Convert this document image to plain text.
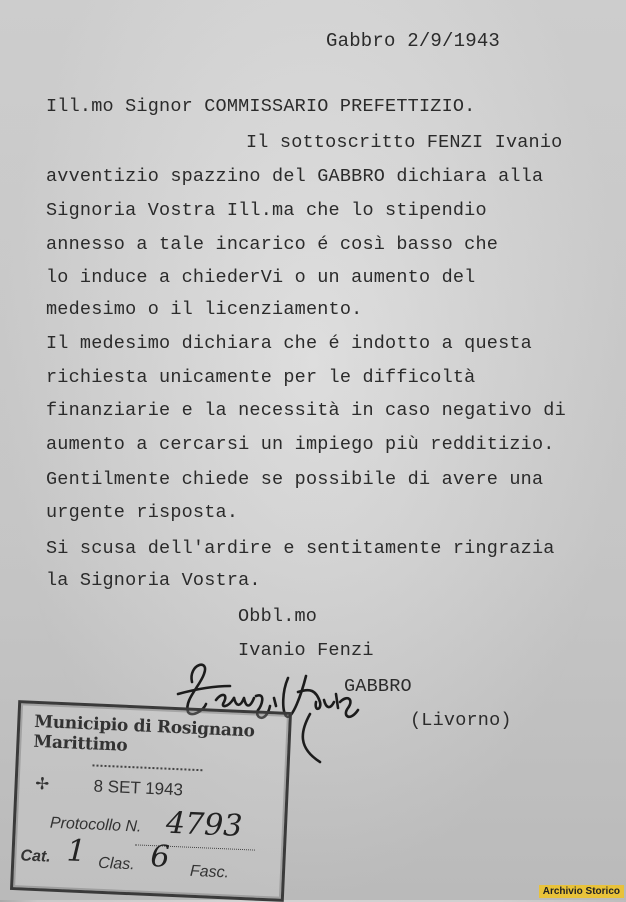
Gabbro 2/9/1943
Ill.mo Signor COMMISSARIO PREFETTIZIO.
Il sottoscritto FENZI Ivanio
avventizio spazzino del GABBRO dichiara alla
Signoria Vostra Ill.ma che lo stipendio
annesso a tale incarico é così basso che
lo induce a chiederVi o un aumento del
medesimo o il licenziamento.
Il medesimo dichiara che é indotto a questa
richiesta unicamente per le difficoltà
finanziarie e la necessità in caso negativo di
aumento a cercarsi un impiego più redditizio.
Gentilmente chiede se possibile di avere una
urgente risposta.
Si scusa dell'ardire e sentitamente ringrazia
la Signoria Vostra.
Obbl.mo
Ivanio Fenzi
GABBRO
(Livorno)
Municipio di Rosignano Marittimo
✢	8 SET 1943
Protocollo N. 4793
Cat. 1 Clas. 6 Fasc.
Archivio Storico
